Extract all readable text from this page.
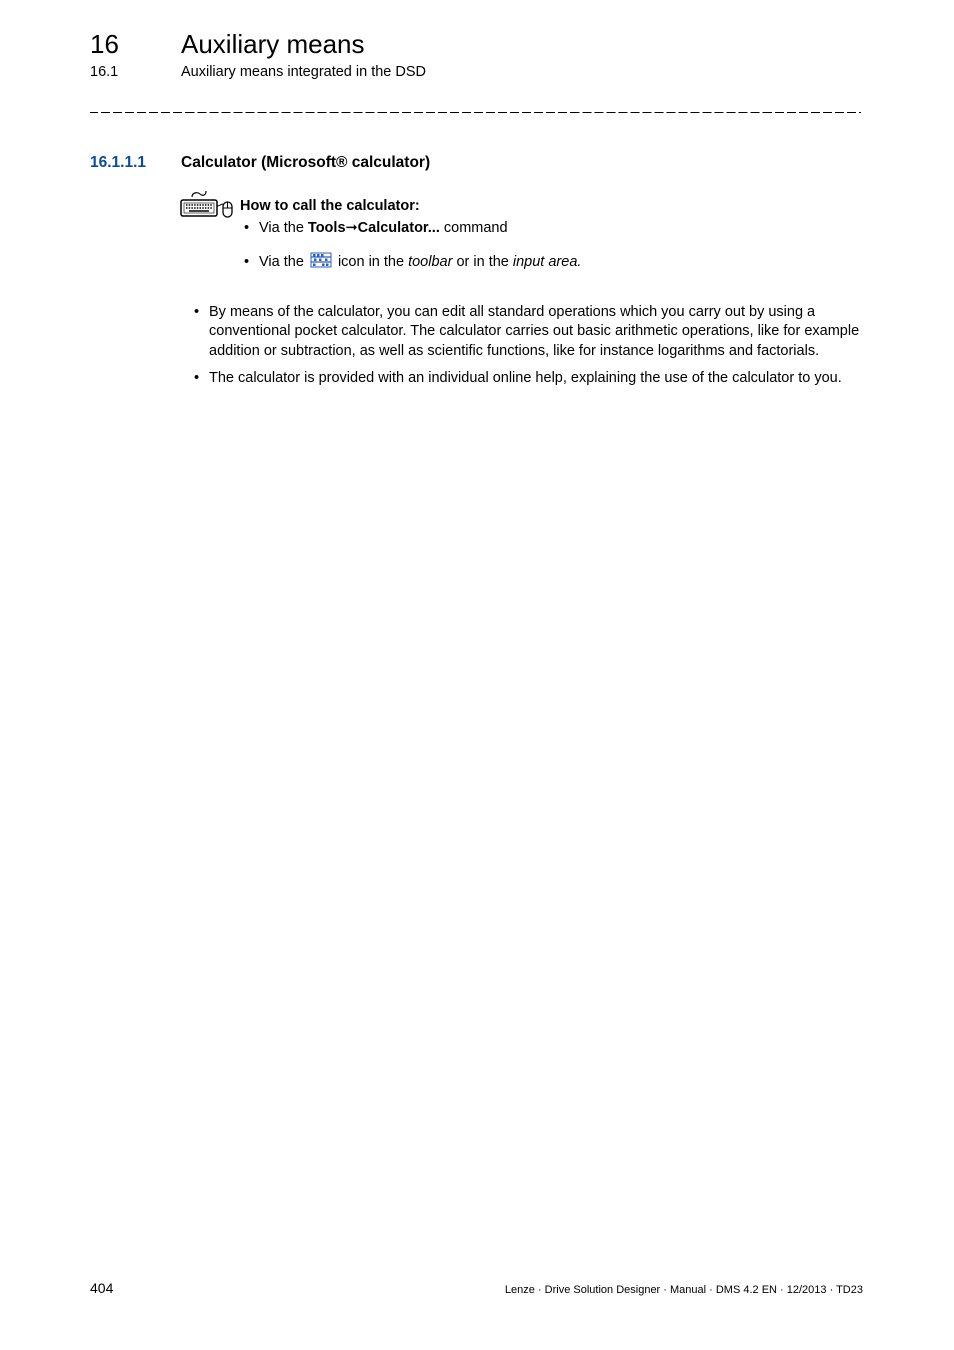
16 Auxiliary means
16.1	Auxiliary means integrated in the DSD
16.1.1.1 Calculator (Microsoft® calculator)
How to call the calculator:
• Via the Tools➞Calculator... command
• Via the  icon in the toolbar or in the input area.
• By means of the calculator, you can edit all standard operations which you carry out by using a conventional pocket calculator. The calculator carries out basic arithmetic operations, like for example addition or subtraction, as well as scientific functions, like for instance logarithms and factorials.
• The calculator is provided with an individual online help, explaining the use of the calculator to you.
404	Lenze · Drive Solution Designer · Manual · DMS 4.2 EN · 12/2013 · TD23
